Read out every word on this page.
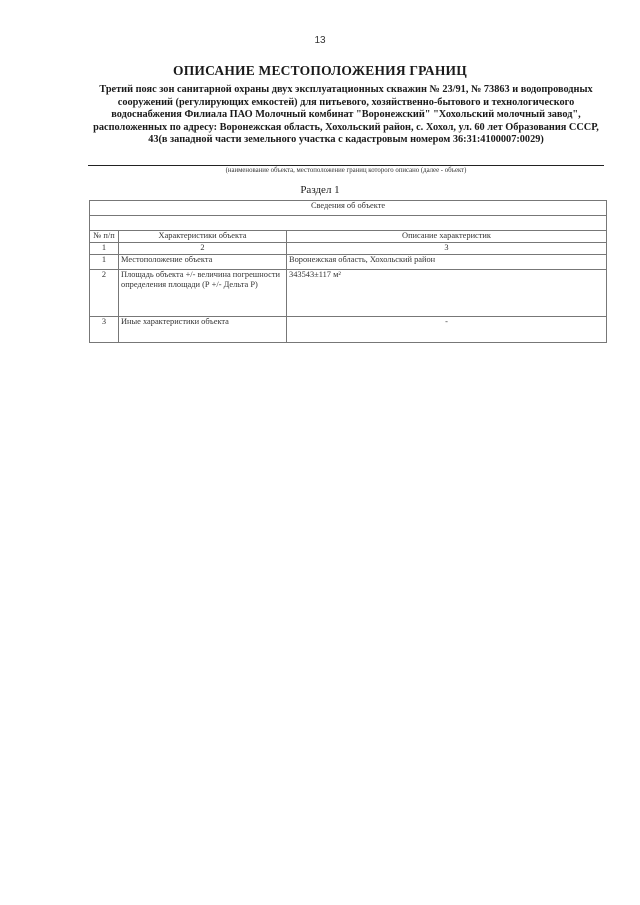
13
ОПИСАНИЕ МЕСТОПОЛОЖЕНИЯ ГРАНИЦ
Третий пояс зон санитарной охраны двух эксплуатационных скважин № 23/91, № 73863 и водопроводных сооружений (регулирующих емкостей) для питьевого, хозяйственно-бытового и технологического водоснабжения Филиала ПАО Молочный комбинат "Воронежский" "Хохольский молочный завод", расположенных по адресу: Воронежская область, Хохольский район, с. Хохол, ул. 60 лет Образования СССР, 43(в западной части земельного участка с кадастровым номером 36:31:4100007:0029)
(наименование объекта, местоположение границ которого описано (далее - объект)
Раздел 1
Сведения об объекте		

№ п/п	Характеристики объекта	Описание характеристик
1	2	3
1	Местоположение объекта	Воронежская область, Хохольский район
2	Площадь объекта +/- величина погрешности определения площади (Р +/- Дельта Р)	343543±117 м²
3	Иные характеристики объекта	-
